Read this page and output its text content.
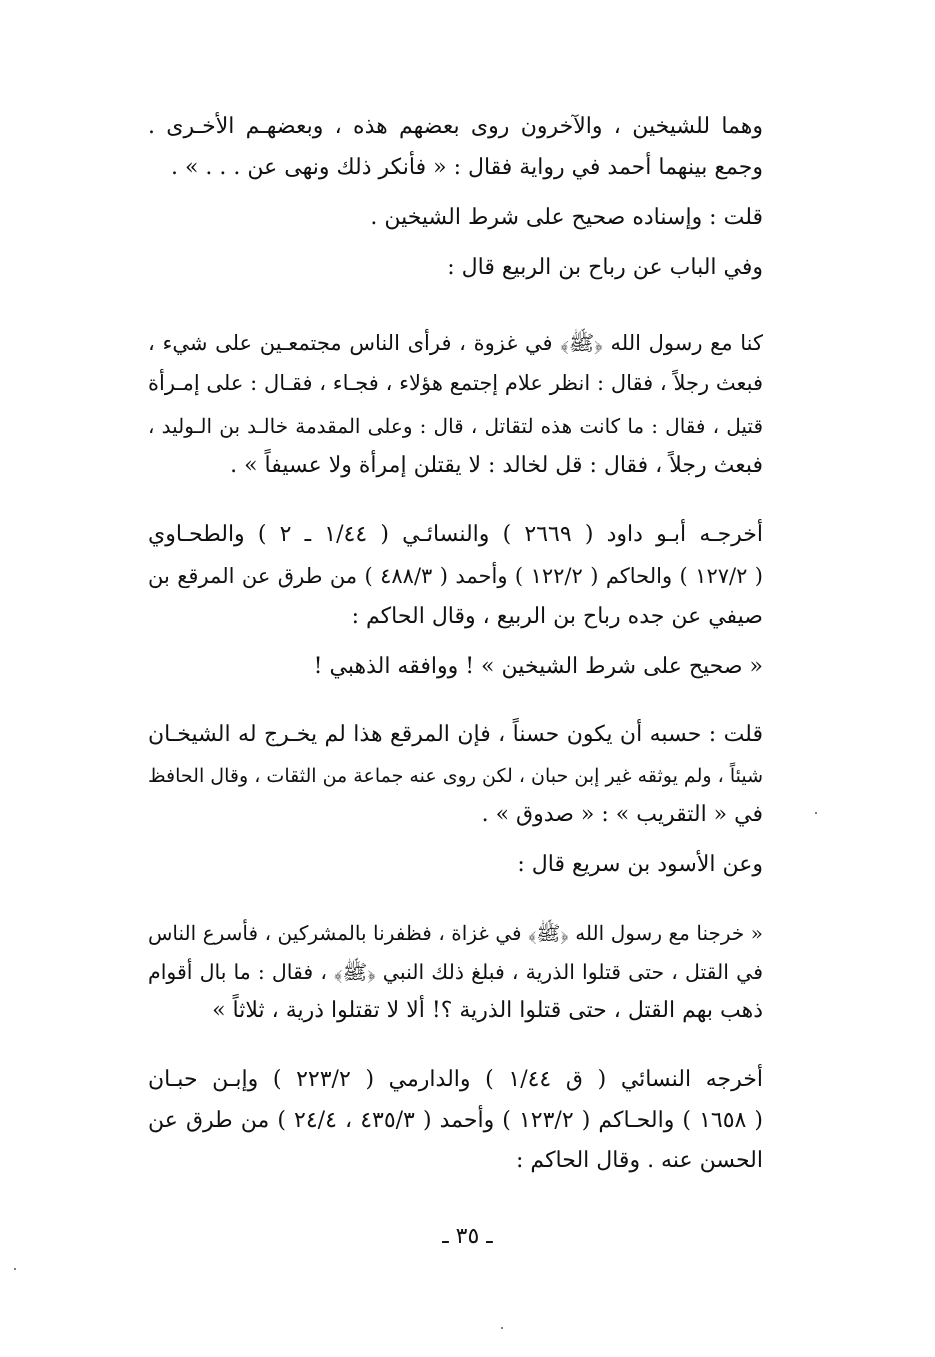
وهما للشيخين ، والآخرون روى بعضهم هذه ، وبعضهـم الأخـرى .
وجمع بينهما أحمد في رواية فقال : « فأنكر ذلك ونهى عن . . . » .
قلت : وإسناده صحيح على شرط الشيخين .
وفي الباب عن رباح بن الربيع قال :
كنا مع رسول الله ﴿ﷺ﴾ في غزوة ، فرأى الناس مجتمعـين على شيء ،
فبعث رجلاً ، فقال : انظر علام إجتمع هؤلاء ، فجـاء ، فقـال : على إمـرأة
قتيل ، فقال : ما كانت هذه لتقاتل ، قال : وعلى المقدمة خالـد بن الـوليد ،
فبعث رجلاً ، فقال : قل لخالد : لا يقتلن إمرأة ولا عسيفاً » .
أخرجـه أبـو داود ( ٢٦٦٩ ) والنسائـي ( ١/٤٤ ـ ٢ ) والطحـاوي
( ١٢٧/٢ ) والحاكم ( ١٢٢/٢ ) وأحمد ( ٤٨٨/٣ ) من طرق عن المرقع بن
صيفي عن جده رباح بن الربيع ، وقال الحاكم :
« صحيح على شرط الشيخين » ! ووافقه الذهبي !
قلت : حسبه أن يكون حسناً ، فإن المرقع هذا لم يخـرج له الشيخـان
شيئاً ، ولم يوثقه غير إبن حبان ، لكن روى عنه جماعة من الثقات ، وقال الحافظ
في « التقريب » : « صدوق » .
وعن الأسود بن سريع قال :
« خرجنا مع رسول الله ﴿ﷺ﴾ في غزاة ، فظفرنا بالمشركين ، فأسرع الناس
في القتل ، حتى قتلوا الذرية ، فبلغ ذلك النبي ﴿ﷺ﴾ ، فقال : ما بال أقوام
ذهب بهم القتل ، حتى قتلوا الذرية ؟! ألا لا تقتلوا ذرية ، ثلاثاً »
أخرجه النسائي ( ق ١/٤٤ ) والدارمي ( ٢٢٣/٢ ) وإبـن حبـان
( ١٦٥٨ ) والحـاكم ( ١٢٣/٢ ) وأحمد ( ٤٣٥/٣ ، ٢٤/٤ ) من طرق عن
الحسن عنه . وقال الحاكم :
ـ ٣٥ ـ
